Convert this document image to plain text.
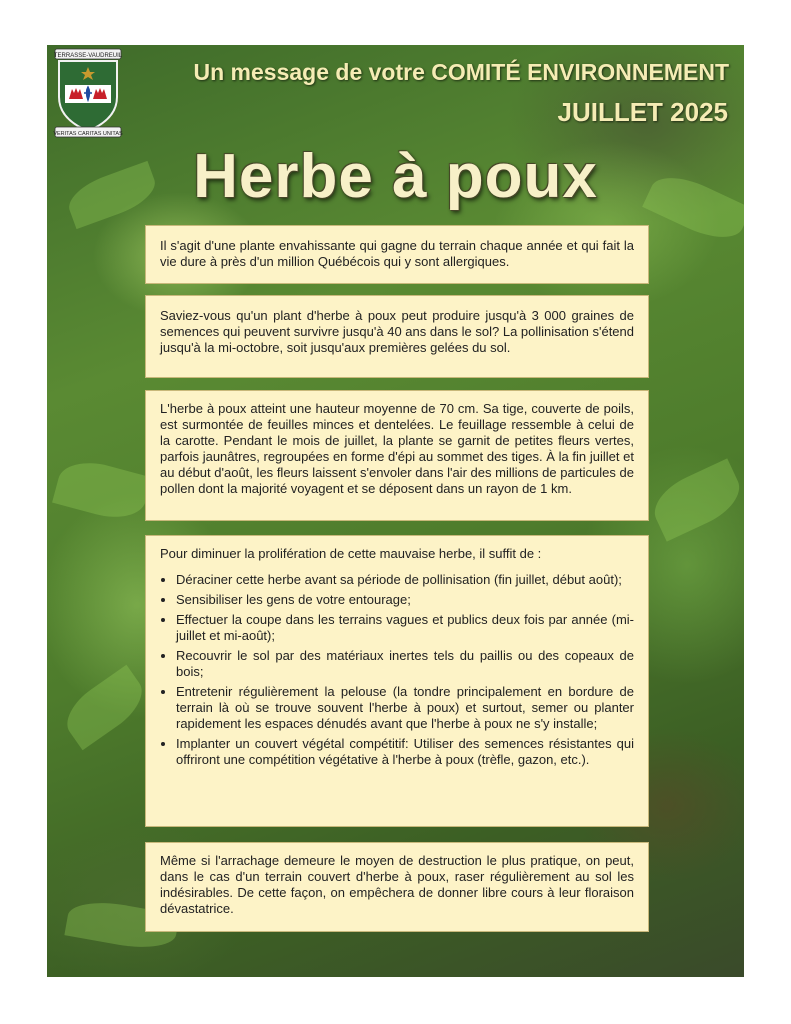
TERRASSE-VAUDREUIL
VERITAS CARITAS UNITAS
Un message de votre COMITÉ ENVIRONNEMENT
JUILLET 2025
Herbe à poux
Il s'agit d'une plante envahissante qui gagne du terrain chaque année et qui fait la vie dure à près d'un million Québécois qui y sont allergiques.
Saviez-vous qu'un plant d'herbe à poux peut produire jusqu'à 3 000 graines de semences qui peuvent survivre jusqu'à 40 ans dans le sol? La pollinisation s'étend jusqu'à la mi-octobre, soit jusqu'aux premières gelées du sol.
L'herbe à poux atteint une hauteur moyenne de 70 cm. Sa tige, couverte de poils, est surmontée de feuilles minces et dentelées. Le feuillage ressemble à celui de la carotte. Pendant le mois de juillet, la plante se garnit de petites fleurs vertes, parfois jaunâtres, regroupées en forme d'épi au sommet des tiges. À la fin juillet et au début d'août, les fleurs laissent s'envoler dans l'air des millions de particules de pollen dont la majorité voyagent et se déposent dans un rayon de 1 km.

Pour diminuer la prolifération de cette mauvaise herbe, il suffit de :

• Déraciner cette herbe avant sa période de pollinisation (fin juillet, début août);
• Sensibiliser les gens de votre entourage;
• Effectuer la coupe dans les terrains vagues et publics deux fois par année (mi-juillet et mi-août);
• Recouvrir le sol par des matériaux inertes tels du paillis ou des copeaux de bois;
• Entretenir régulièrement la pelouse (la tondre principalement en bordure de terrain là où se trouve souvent l'herbe à poux) et surtout, semer ou planter rapidement les espaces dénudés avant que l'herbe à poux ne s'y installe;
• Implanter un couvert végétal compétitif: Utiliser des semences résistantes qui offriront une compétition végétative à l'herbe à poux (trèfle, gazon, etc.).
Même si l'arrachage demeure le moyen de destruction le plus pratique, on peut, dans le cas d'un terrain couvert d'herbe à poux, raser régulièrement au sol les indésirables. De cette façon, on empêchera de donner libre cours à leur floraison dévastatrice.
